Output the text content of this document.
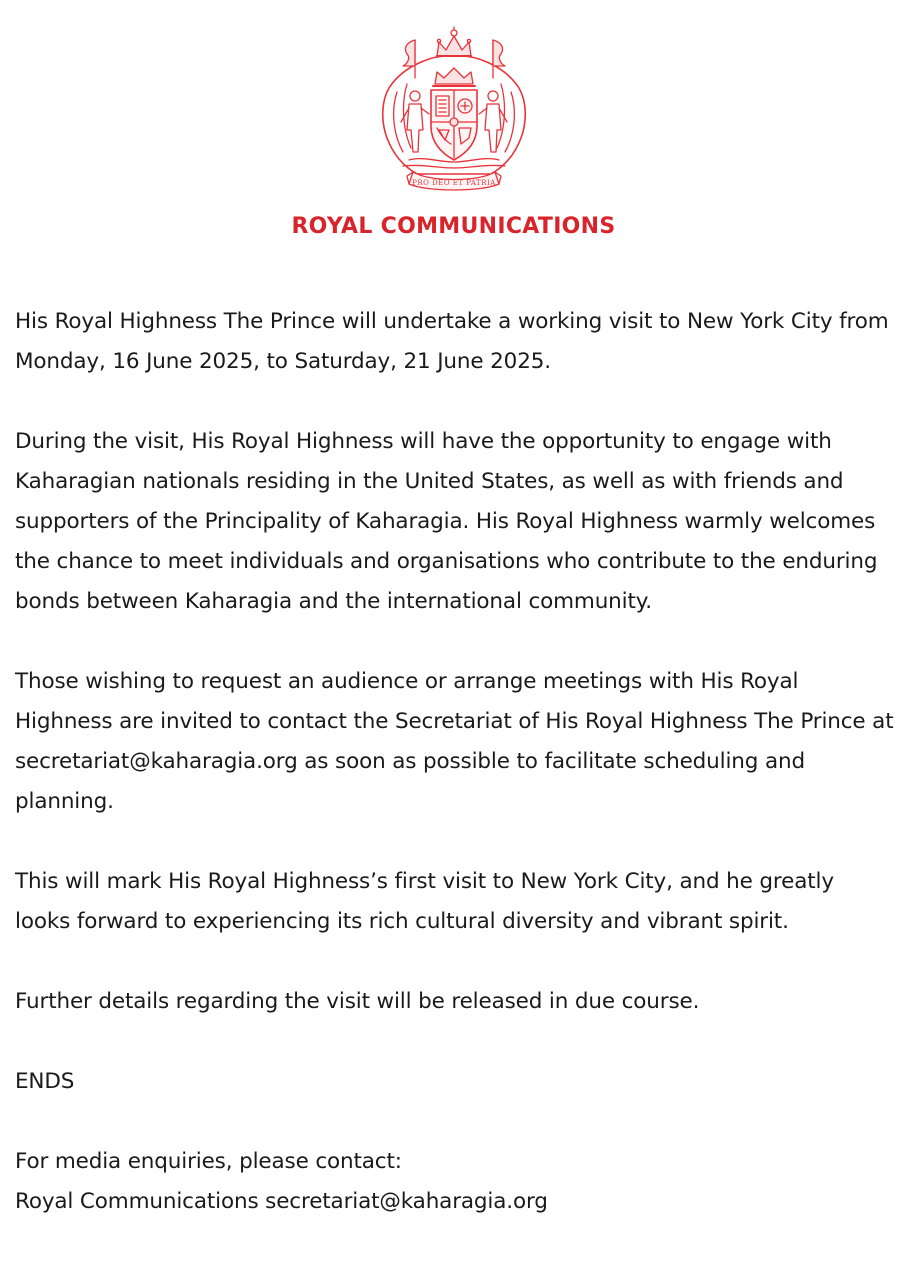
PRO DEO ET PATRIA
ROYAL COMMUNICATIONS

His Royal Highness The Prince will undertake a working visit to New York City from Monday, 16 June 2025, to Saturday, 21 June 2025.

During the visit, His Royal Highness will have the opportunity to engage with Kaharagian nationals residing in the United States, as well as with friends and supporters of the Principality of Kaharagia. His Royal Highness warmly welcomes the chance to meet individuals and organisations who contribute to the enduring bonds between Kaharagia and the international community.

Those wishing to request an audience or arrange meetings with His Royal Highness are invited to contact the Secretariat of His Royal Highness The Prince at secretariat@kaharagia.org as soon as possible to facilitate scheduling and planning.

This will mark His Royal Highness’s first visit to New York City, and he greatly looks forward to experiencing its rich cultural diversity and vibrant spirit.

Further details regarding the visit will be released in due course.

ENDS

For media enquiries, please contact:

Royal Communications secretariat@kaharagia.org
